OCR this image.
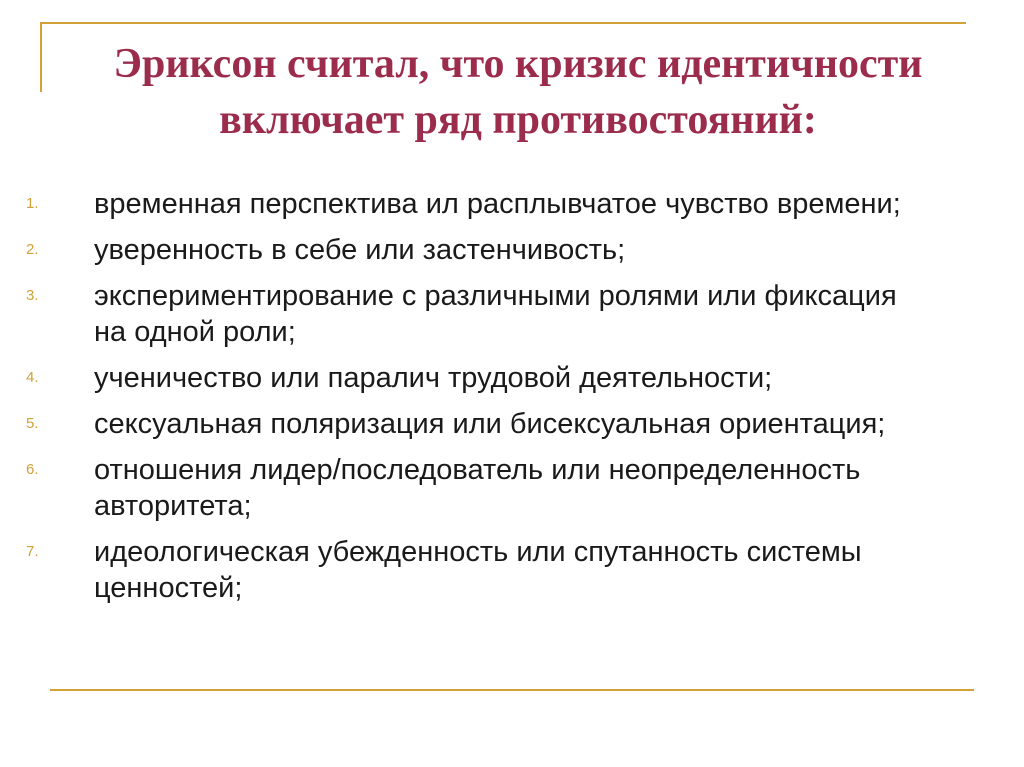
Эриксон считал, что кризис идентичности включает ряд противостояний:
1. временная перспектива ил расплывчатое чувство времени;
2. уверенность в себе или застенчивость;
3. экспериментирование с различными ролями или фиксация на одной роли;
4. ученичество или паралич трудовой деятельности;
5. сексуальная поляризация или бисексуальная ориентация;
6. отношения лидер/последователь или неопределенность авторитета;
7. идеологическая убежденность или спутанность системы ценностей;
